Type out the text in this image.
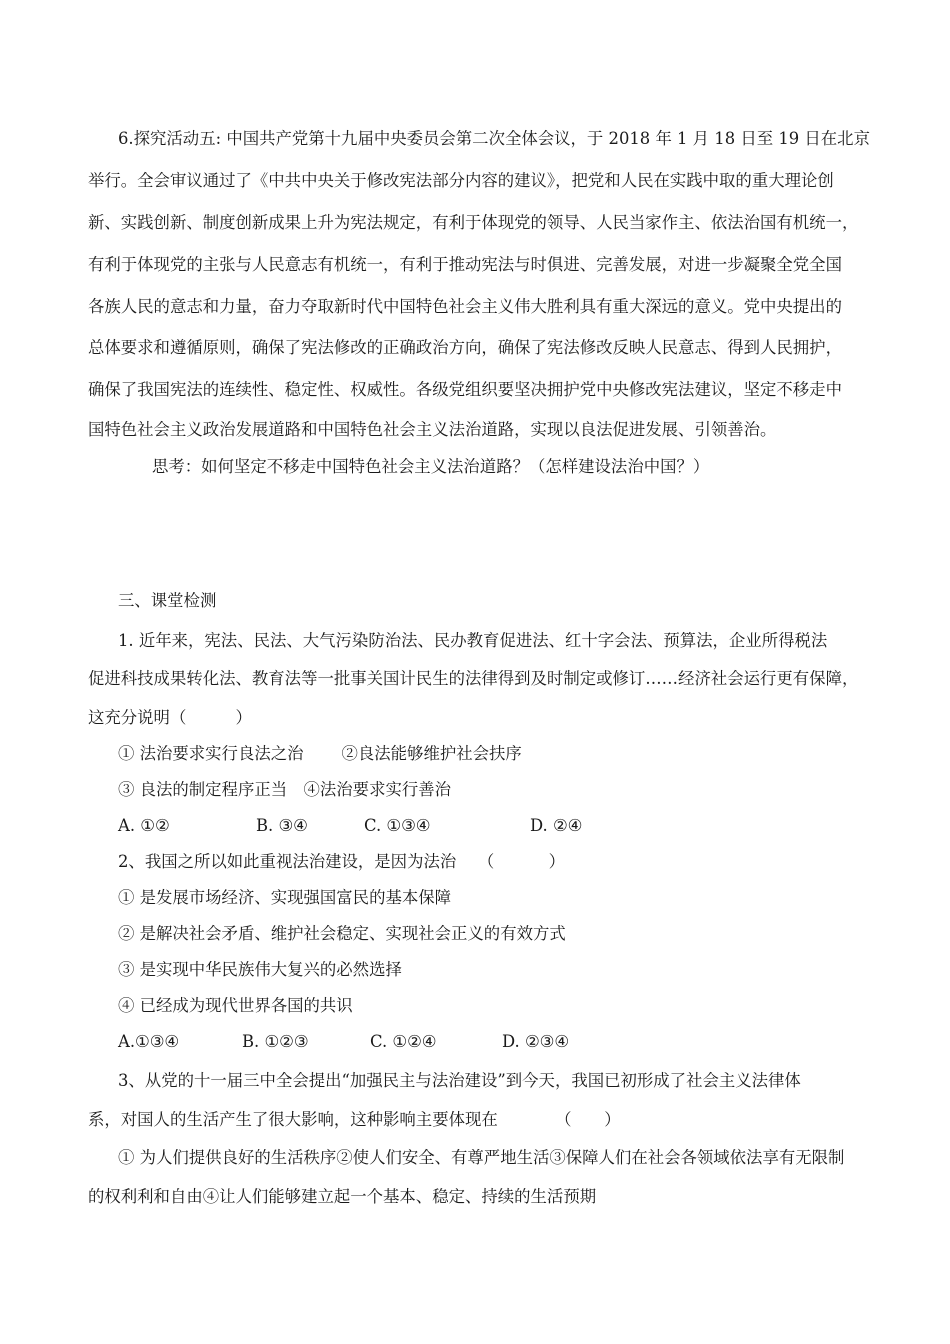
6.探究活动五: 中国共产党第十九届中央委员会第二次全体会议，于 2018 年 1 月 18 日至 19 日在北京
举行。全会审议通过了《中共中央关于修改宪法部分内容的建议》，把党和人民在实践中取的重大理论创
新、实践创新、制度创新成果上升为宪法规定，有利于体现党的领导、人民当家作主、依法治国有机统一，
有利于体现党的主张与人民意志有机统一，有利于推动宪法与时俱进、完善发展，对进一步凝聚全党全国
各族人民的意志和力量，奋力夺取新时代中国特色社会主义伟大胜利具有重大深远的意义。党中央提出的
总体要求和遵循原则，确保了宪法修改的正确政治方向，确保了宪法修改反映人民意志、得到人民拥护，
确保了我国宪法的连续性、稳定性、权威性。各级党组织要坚决拥护党中央修改宪法建议，坚定不移走中
国特色社会主义政治发展道路和中国特色社会主义法治道路，实现以良法促进发展、引领善治。
思考：如何坚定不移走中国特色社会主义法治道路？（怎样建设法治中国？）
三、课堂检测
1. 近年来，宪法、民法、大气污染防治法、民办教育促进法、红十字会法、预算法，企业所得税法
促进科技成果转化法、教育法等一批事关国计民生的法律得到及时制定或修订……经济社会运行更有保障，
这充分说明（　　　）
① 法治要求实行良法之治　　 ②良法能够维护社会扶序
③ 良法的制定程序正当　④法治要求实行善治
A. ①②	B. ③④	C. ①③④	D. ②④
2、我国之所以如此重视法治建设，是因为法治　 （　　　 ）
① 是发展市场经济、实现强国富民的基本保障
② 是解决社会矛盾、维护社会稳定、实现社会正义的有效方式
③ 是实现中华民族伟大复兴的必然选择
④ 已经成为现代世界各国的共识
A.①③④	B. ①②③	C. ①②④	D. ②③④
3、从党的十一届三中全会提出“加强民主与法治建设”到今天，我国已初形成了社会主义法律体
系，对国人的生活产生了很大影响，这种影响主要体现在　　　　（　　）
① 为人们提供良好的生活秩序②使人们安全、有尊严地生活③保障人们在社会各领域依法享有无限制
的权利利和自由④让人们能够建立起一个基本、稳定、持续的生活预期
